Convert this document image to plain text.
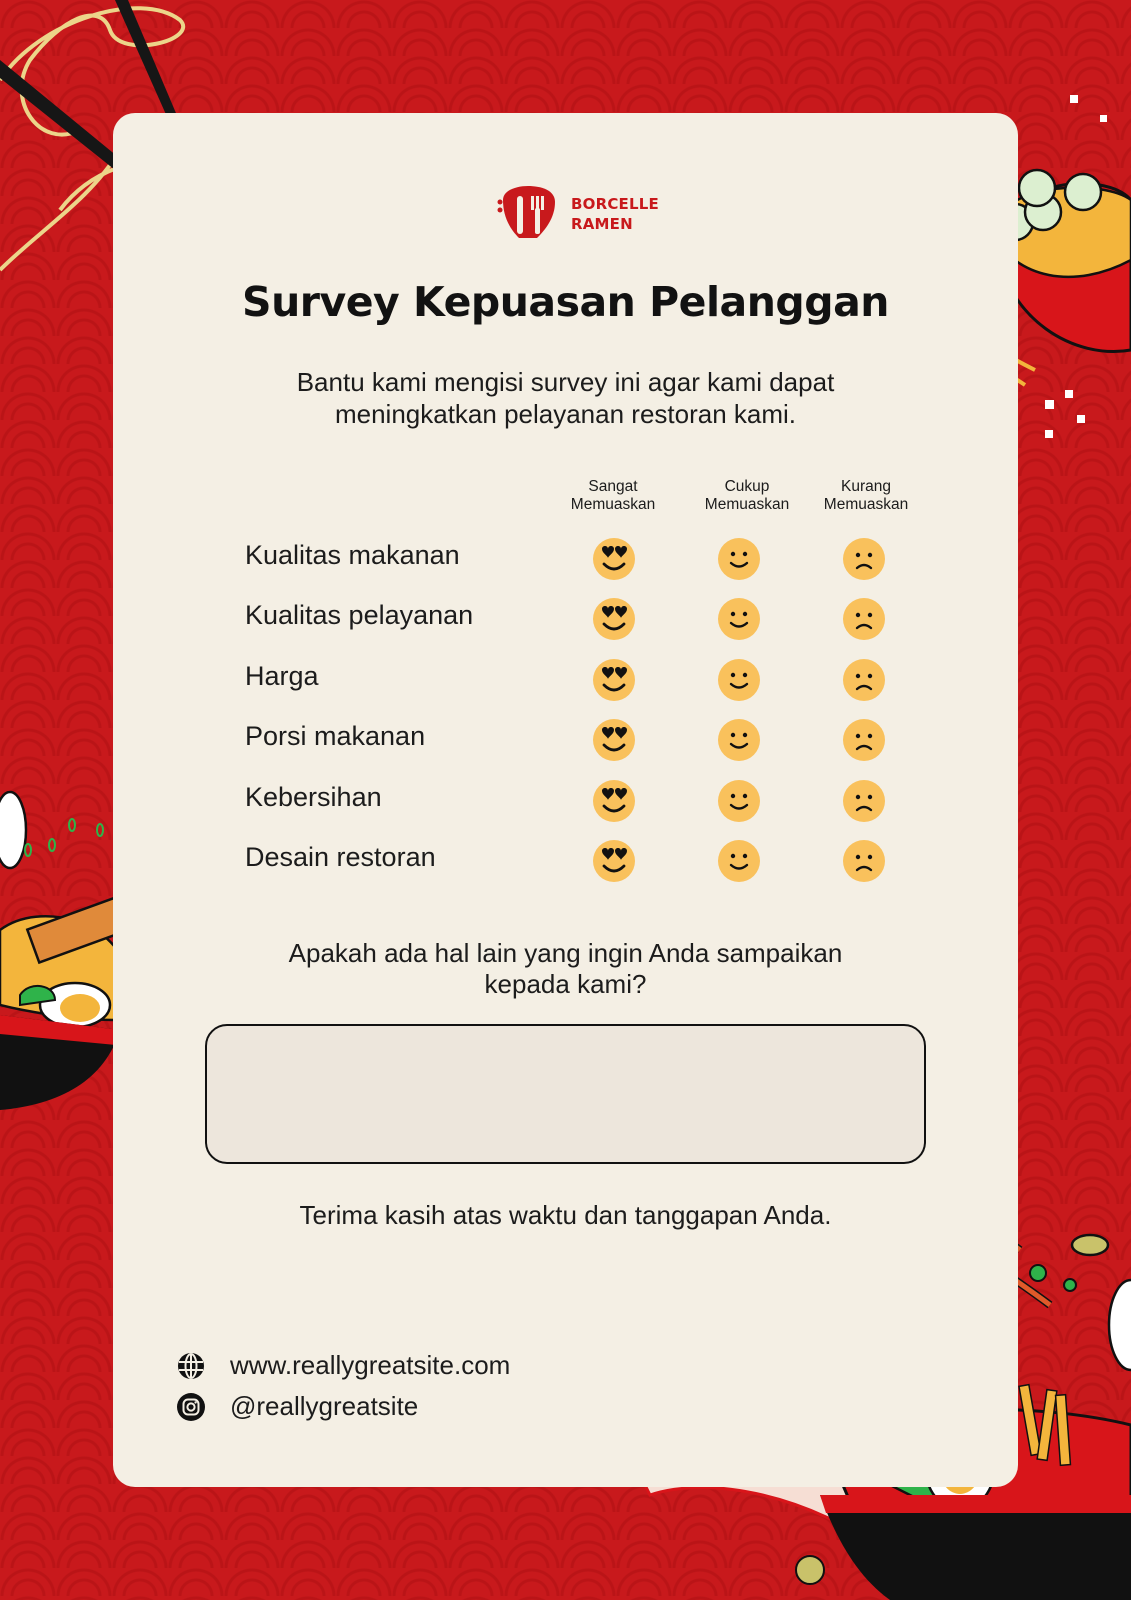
BORCELLE
RAMEN
Survey Kepuasan Pelanggan

Bantu kami mengisi survey ini agar kami dapat meningkatkan pelayanan restoran kami.

Sangat
Memuaskan
Cukup
Memuaskan
Kurang
Memuaskan
Kualitas makanan
Kualitas pelayanan
Harga
Porsi makanan
Kebersihan
Desain restoran

Apakah ada hal lain yang ingin Anda sampaikan kepada kami?

Terima kasih atas waktu dan tanggapan Anda.

www.reallygreatsite.com
@reallygreatsite
